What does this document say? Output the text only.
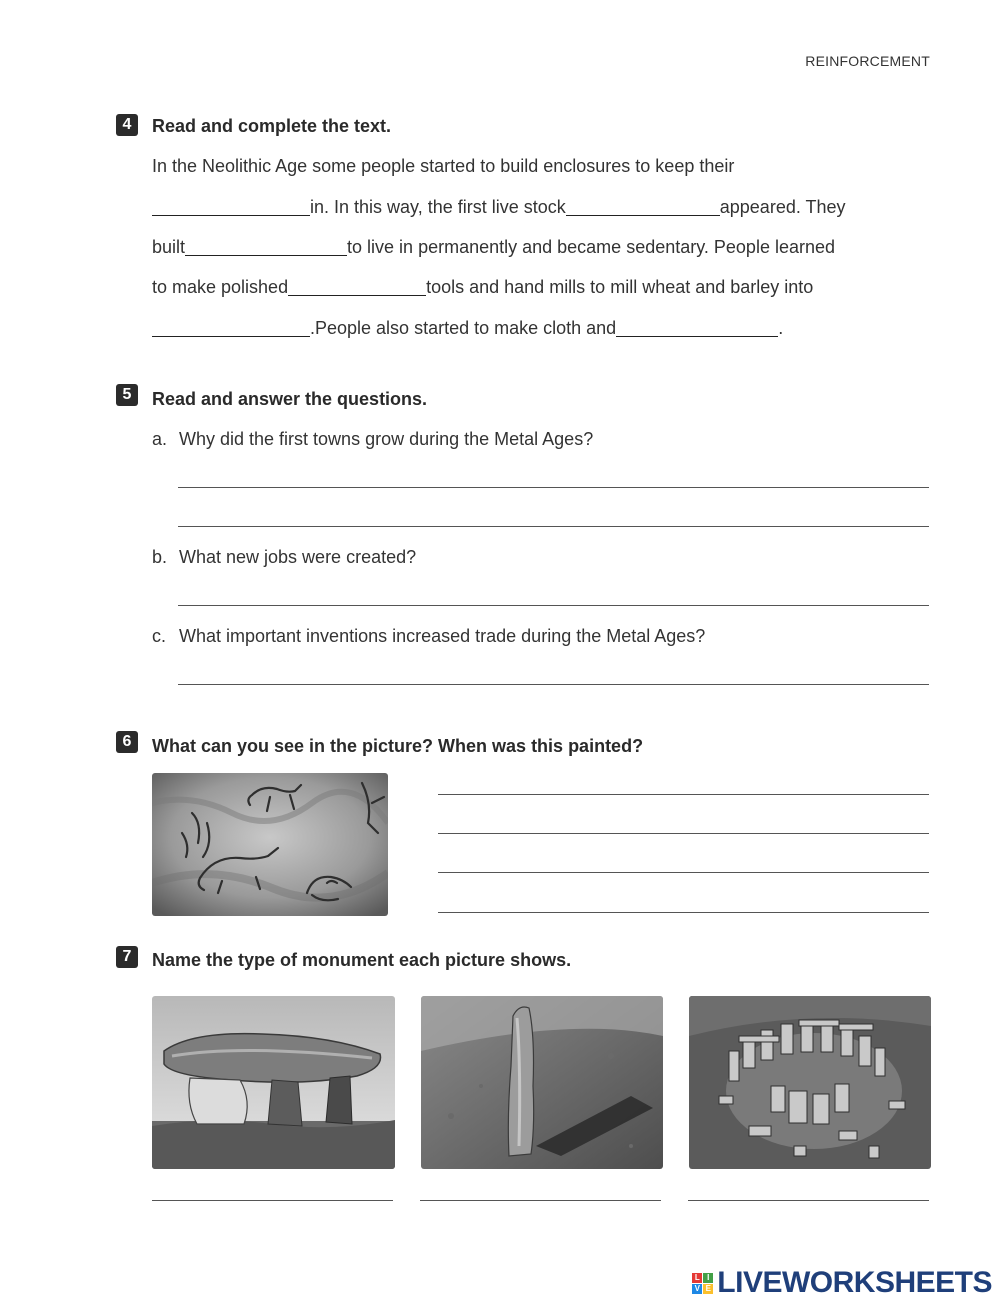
REINFORCEMENT
4	Read and complete the text.
In the Neolithic Age some people started to build enclosures to keep their
in. In this way, the first live stock	appeared. They
built	to live in permanently and became sedentary. People learned
to make polished	tools and hand mills to mill wheat and barley into
.People also started to make cloth and	.
5	Read and answer the questions.
a. Why did the first towns grow during the Metal Ages?
b. What new jobs were created?
c. What important inventions increased trade during the Metal Ages?
6	What can you see in the picture? When was this painted?
7	Name the type of monument each picture shows.
L I
V E LIVEWORKSHEETS
